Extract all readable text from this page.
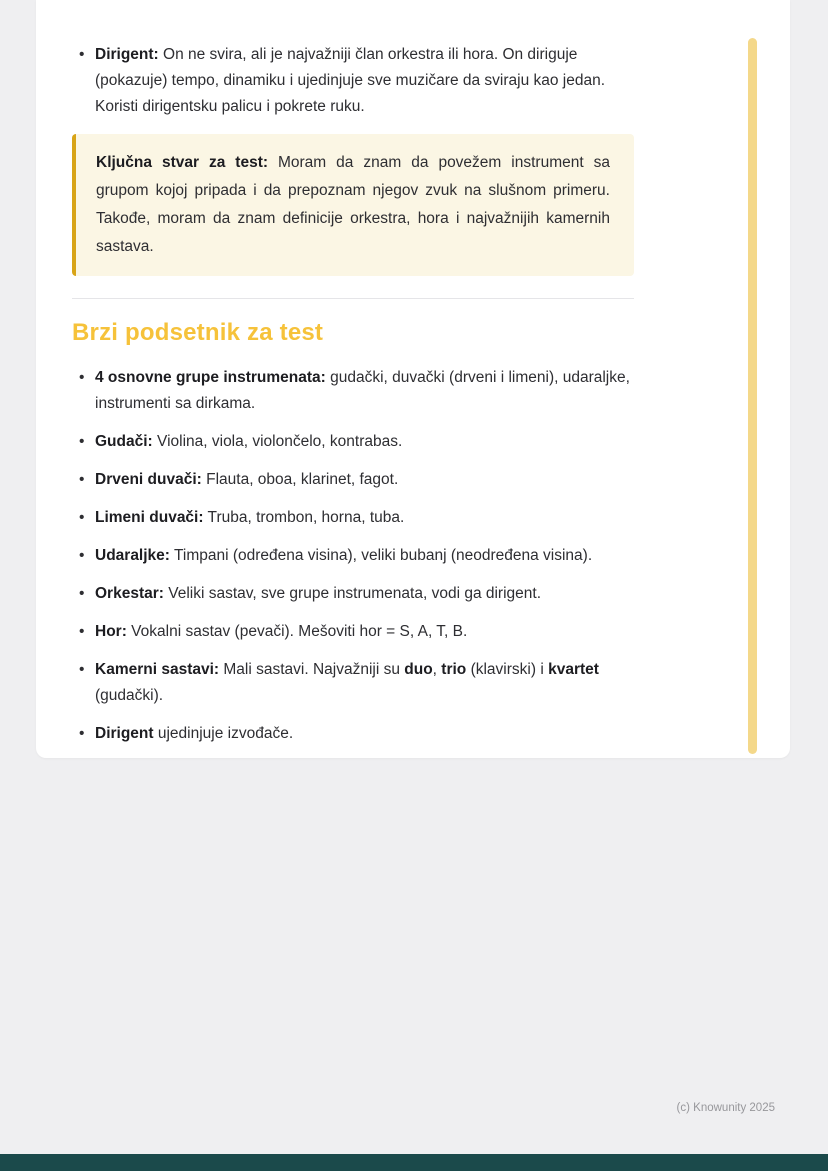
• Dirigent: On ne svira, ali je najvažniji član orkestra ili hora. On diriguje (pokazuje) tempo, dinamiku i ujedinjuje sve muzičare da sviraju kao jedan. Koristi dirigentsku palicu i pokrete ruku.

Ključna stvar za test: Moram da znam da povežem instrument sa grupom kojoj pripada i da prepoznam njegov zvuk na slušnom primeru. Takođe, moram da znam definicije orkestra, hora i najvažnijih kamernih sastava.

Brzi podsetnik za test
• 4 osnovne grupe instrumenata: gudački, duvački (drveni i limeni), udaraljke, instrumenti sa dirkama.
• Gudači: Violina, viola, violončelo, kontrabas.
• Drveni duvači: Flauta, oboa, klarinet, fagot.
• Limeni duvači: Truba, trombon, horna, tuba.
• Udaraljke: Timpani (određena visina), veliki bubanj (neodređena visina).
• Orkestar: Veliki sastav, sve grupe instrumenata, vodi ga dirigent.
• Hor: Vokalni sastav (pevači). Mešoviti hor = S, A, T, B.
• Kamerni sastavi: Mali sastavi. Najvažniji su duo, trio (klavirski) i kvartet (gudački).
• Dirigent ujedinjuje izvođače.
(c) Knowunity 2025
